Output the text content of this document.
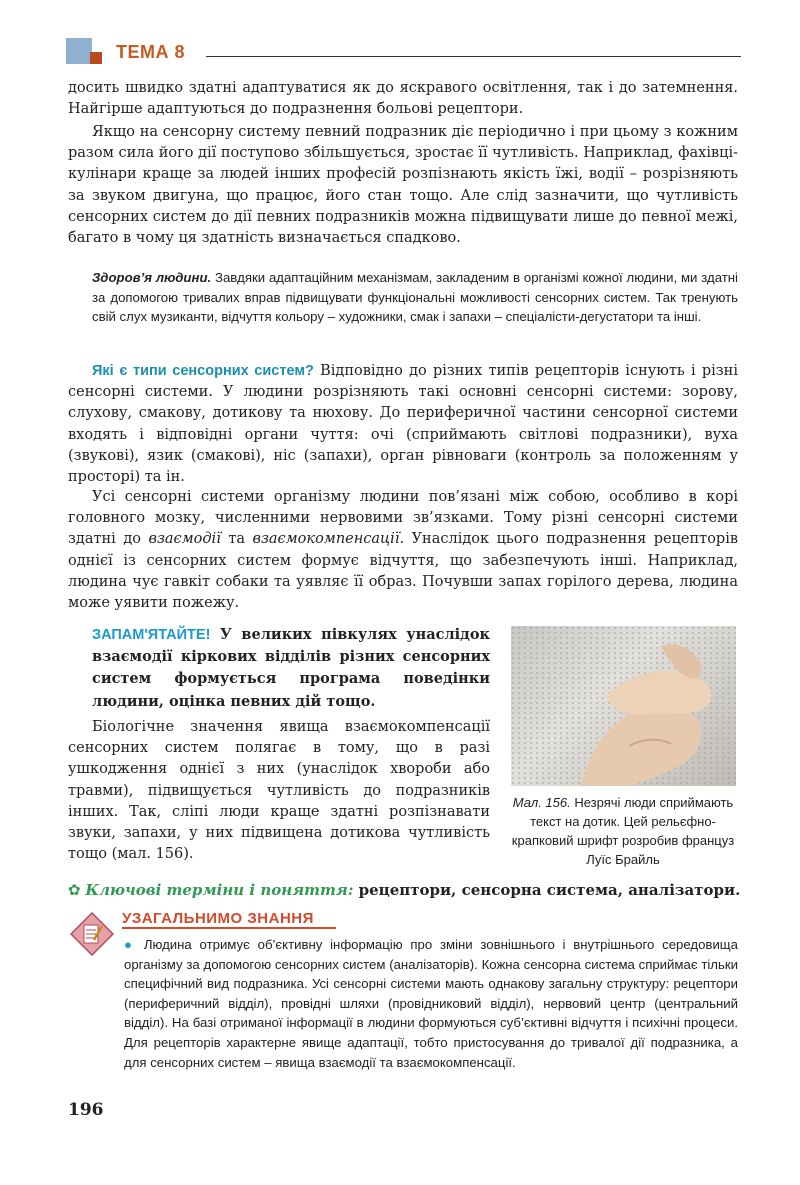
ТЕМА 8

досить швидко здатні адаптуватися як до яскравого освітлення, так і до затемнення. Найгірше адаптуються до подразнення больові рецептори.

Якщо на сенсорну систему певний подразник діє періодично і при цьому з кожним разом сила його дії поступово збільшується, зростає її чутливість. Наприклад, фахівці-кулінари краще за людей інших професій розпізнають якість їжі, водії – розрізняють за звуком двигуна, що працює, його стан тощо. Але слід зазначити, що чутливість сенсорних систем до дії певних подразників можна підвищувати лише до певної межі, багато в чому ця здатність визначається спадково.

Здоров’я людини. Завдяки адаптаційним механізмам, закладеним в організмі кожної людини, ми здатні за допомогою тривалих вправ підвищувати функціональні можливості сенсорних систем. Так тренують свій слух музиканти, відчуття кольору – художники, смак і запахи – спеціалісти-дегустатори та інші.

Які є типи сенсорних систем? Відповідно до різних типів рецепторів існують і різні сенсорні системи. У людини розрізняють такі основні сенсорні системи: зорову, слухову, смакову, дотикову та нюхову. До периферичної частини сенсорної системи входять і відповідні органи чуття: очі (сприймають світлові подразники), вуха (звукові), язик (смакові), ніс (запахи), орган рівноваги (контроль за положенням у просторі) та ін.

Усі сенсорні системи організму людини пов’язані між собою, особливо в корі головного мозку, численними нервовими зв’язками. Тому різні сенсорні системи здатні до взаємодії та взаємокомпенсації. Унаслідок цього подразнення рецепторів однієї із сенсорних систем формує відчуття, що забезпечують інші. Наприклад, людина чує гавкіт собаки та уявляє її образ. Почувши запах горілого дерева, людина може уявити пожежу.

ЗАПАМ'ЯТАЙТЕ! У великих півкулях унаслідок взаємодії кіркових відділів різних сенсорних систем формується програма поведінки людини, оцінка певних дій тощо.

Біологічне значення явища взаємокомпенсації сенсорних систем полягає в тому, що в разі ушкодження однієї з них (унаслідок хвороби або травми), підвищується чутливість до подразників інших. Так, сліпі люди краще здатні розпізнавати звуки, запахи, у них підвищена дотикова чутливість тощо (мал. 156).

Мал. 156. Незрячі люди сприймають текст на дотик. Цей рельєфно-крапковий шрифт розробив француз Луїс Брайль
✿ Ключові терміни і поняття: рецептори, сенсорна система, аналізатори.
УЗАГАЛЬНИМО ЗНАННЯ

● Людина отримує об’єктивну інформацію про зміни зовнішнього і внутрішнього середовища організму за допомогою сенсорних систем (аналізаторів). Кожна сенсорна система сприймає тільки специфічний вид подразника. Усі сенсорні системи мають однакову загальну структуру: рецептори (периферичний відділ), провідні шляхи (провідниковий відділ), нервовий центр (центральний відділ). На базі отриманої інформації в людини формуються суб’єктивні відчуття і психічні процеси. Для рецепторів характерне явище адаптації, тобто пристосування до тривалої дії подразника, а для сенсорних систем – явища взаємодії та взаємокомпенсації.

196
